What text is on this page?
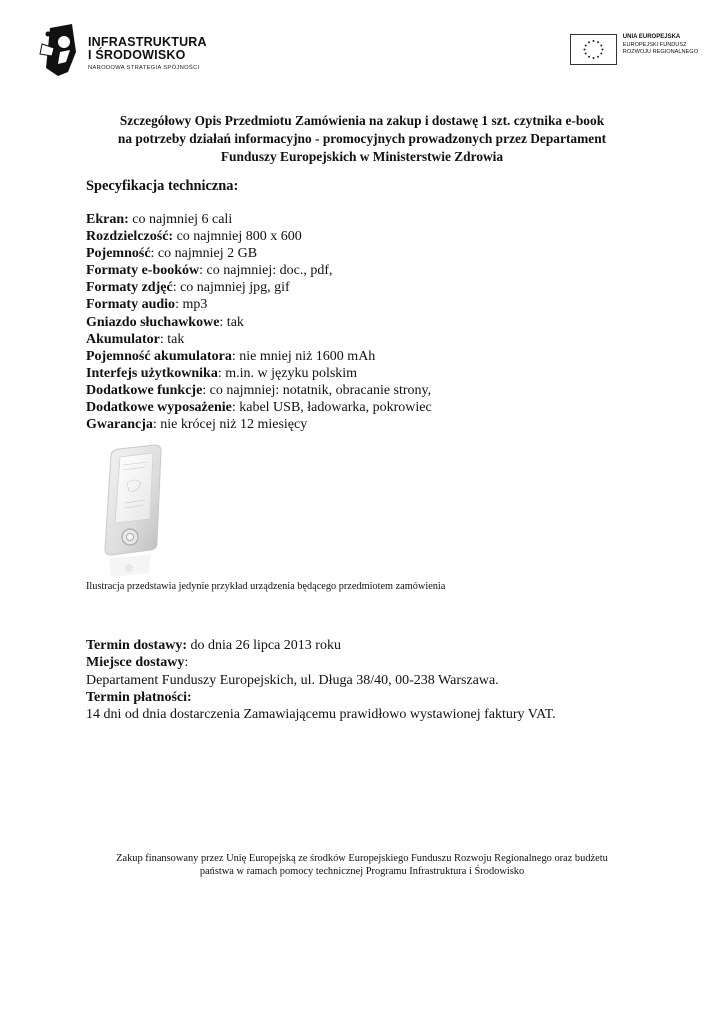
INFRASTRUKTURA
I ŚRODOWISKO
NARODOWA STRATEGIA SPÓJNOŚCI
UNIA EUROPEJSKA
EUROPEJSKI FUNDUSZ
ROZWOJU REGIONALNEGO
Szczegółowy Opis Przedmiotu Zamówienia na zakup i dostawę 1 szt. czytnika e-book
na potrzeby działań informacyjno - promocyjnych prowadzonych przez Departament
Funduszy Europejskich w Ministerstwie Zdrowia
Specyfikacja techniczna:
Ekran: co najmniej 6 cali
Rozdzielczość: co najmniej 800 x 600
Pojemność: co najmniej 2 GB
Formaty e-booków: co najmniej: doc., pdf,
Formaty zdjęć: co najmniej jpg, gif
Formaty audio: mp3
Gniazdo słuchawkowe: tak
Akumulator: tak
Pojemność akumulatora: nie mniej niż 1600 mAh
Interfejs użytkownika: m.in. w języku polskim
Dodatkowe funkcje: co najmniej: notatnik, obracanie strony,
Dodatkowe wyposażenie: kabel USB, ładowarka, pokrowiec
Gwarancja: nie krócej niż 12 miesięcy
Ilustracja przedstawia jedynie przykład urządzenia będącego przedmiotem zamówienia
Termin dostawy: do dnia 26 lipca 2013 roku
Miejsce dostawy:
Departament Funduszy Europejskich, ul. Długa 38/40, 00-238 Warszawa.
Termin płatności:
14 dni od dnia dostarczenia Zamawiającemu prawidłowo wystawionej faktury VAT.
Zakup finansowany przez Unię Europejską ze środków Europejskiego Funduszu Rozwoju Regionalnego oraz budżetu
państwa w ramach pomocy technicznej Programu Infrastruktura i Środowisko
